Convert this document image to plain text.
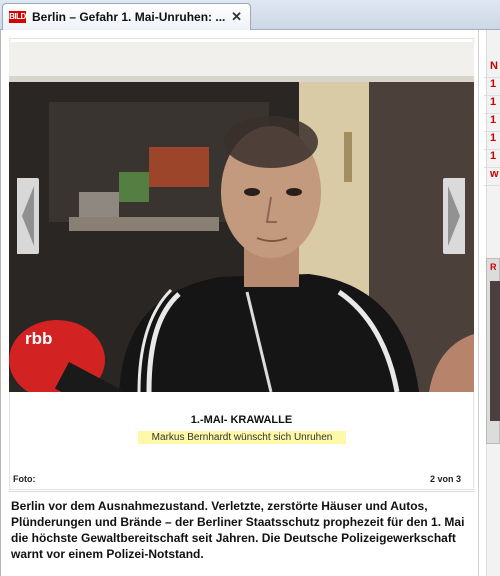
BILD Berlin – Gefahr 1. Mai-Unruhen: ... ✕
rbb
1.-MAI- KRAWALLE
Markus Bernhardt wünscht sich Unruhen
Foto:	2 von 3

Berlin vor dem Ausnahmezustand. Verletzte, zerstörte Häuser und Autos, Plünderungen und Brände – der Berliner Staatsschutz prophezeit für den 1. Mai die höchste Gewaltbereitschaft seit Jahren. Die Deutsche Polizeigewerkschaft warnt vor einem Polizei-Notstand.

N
1
1
1
1
1
w
R
